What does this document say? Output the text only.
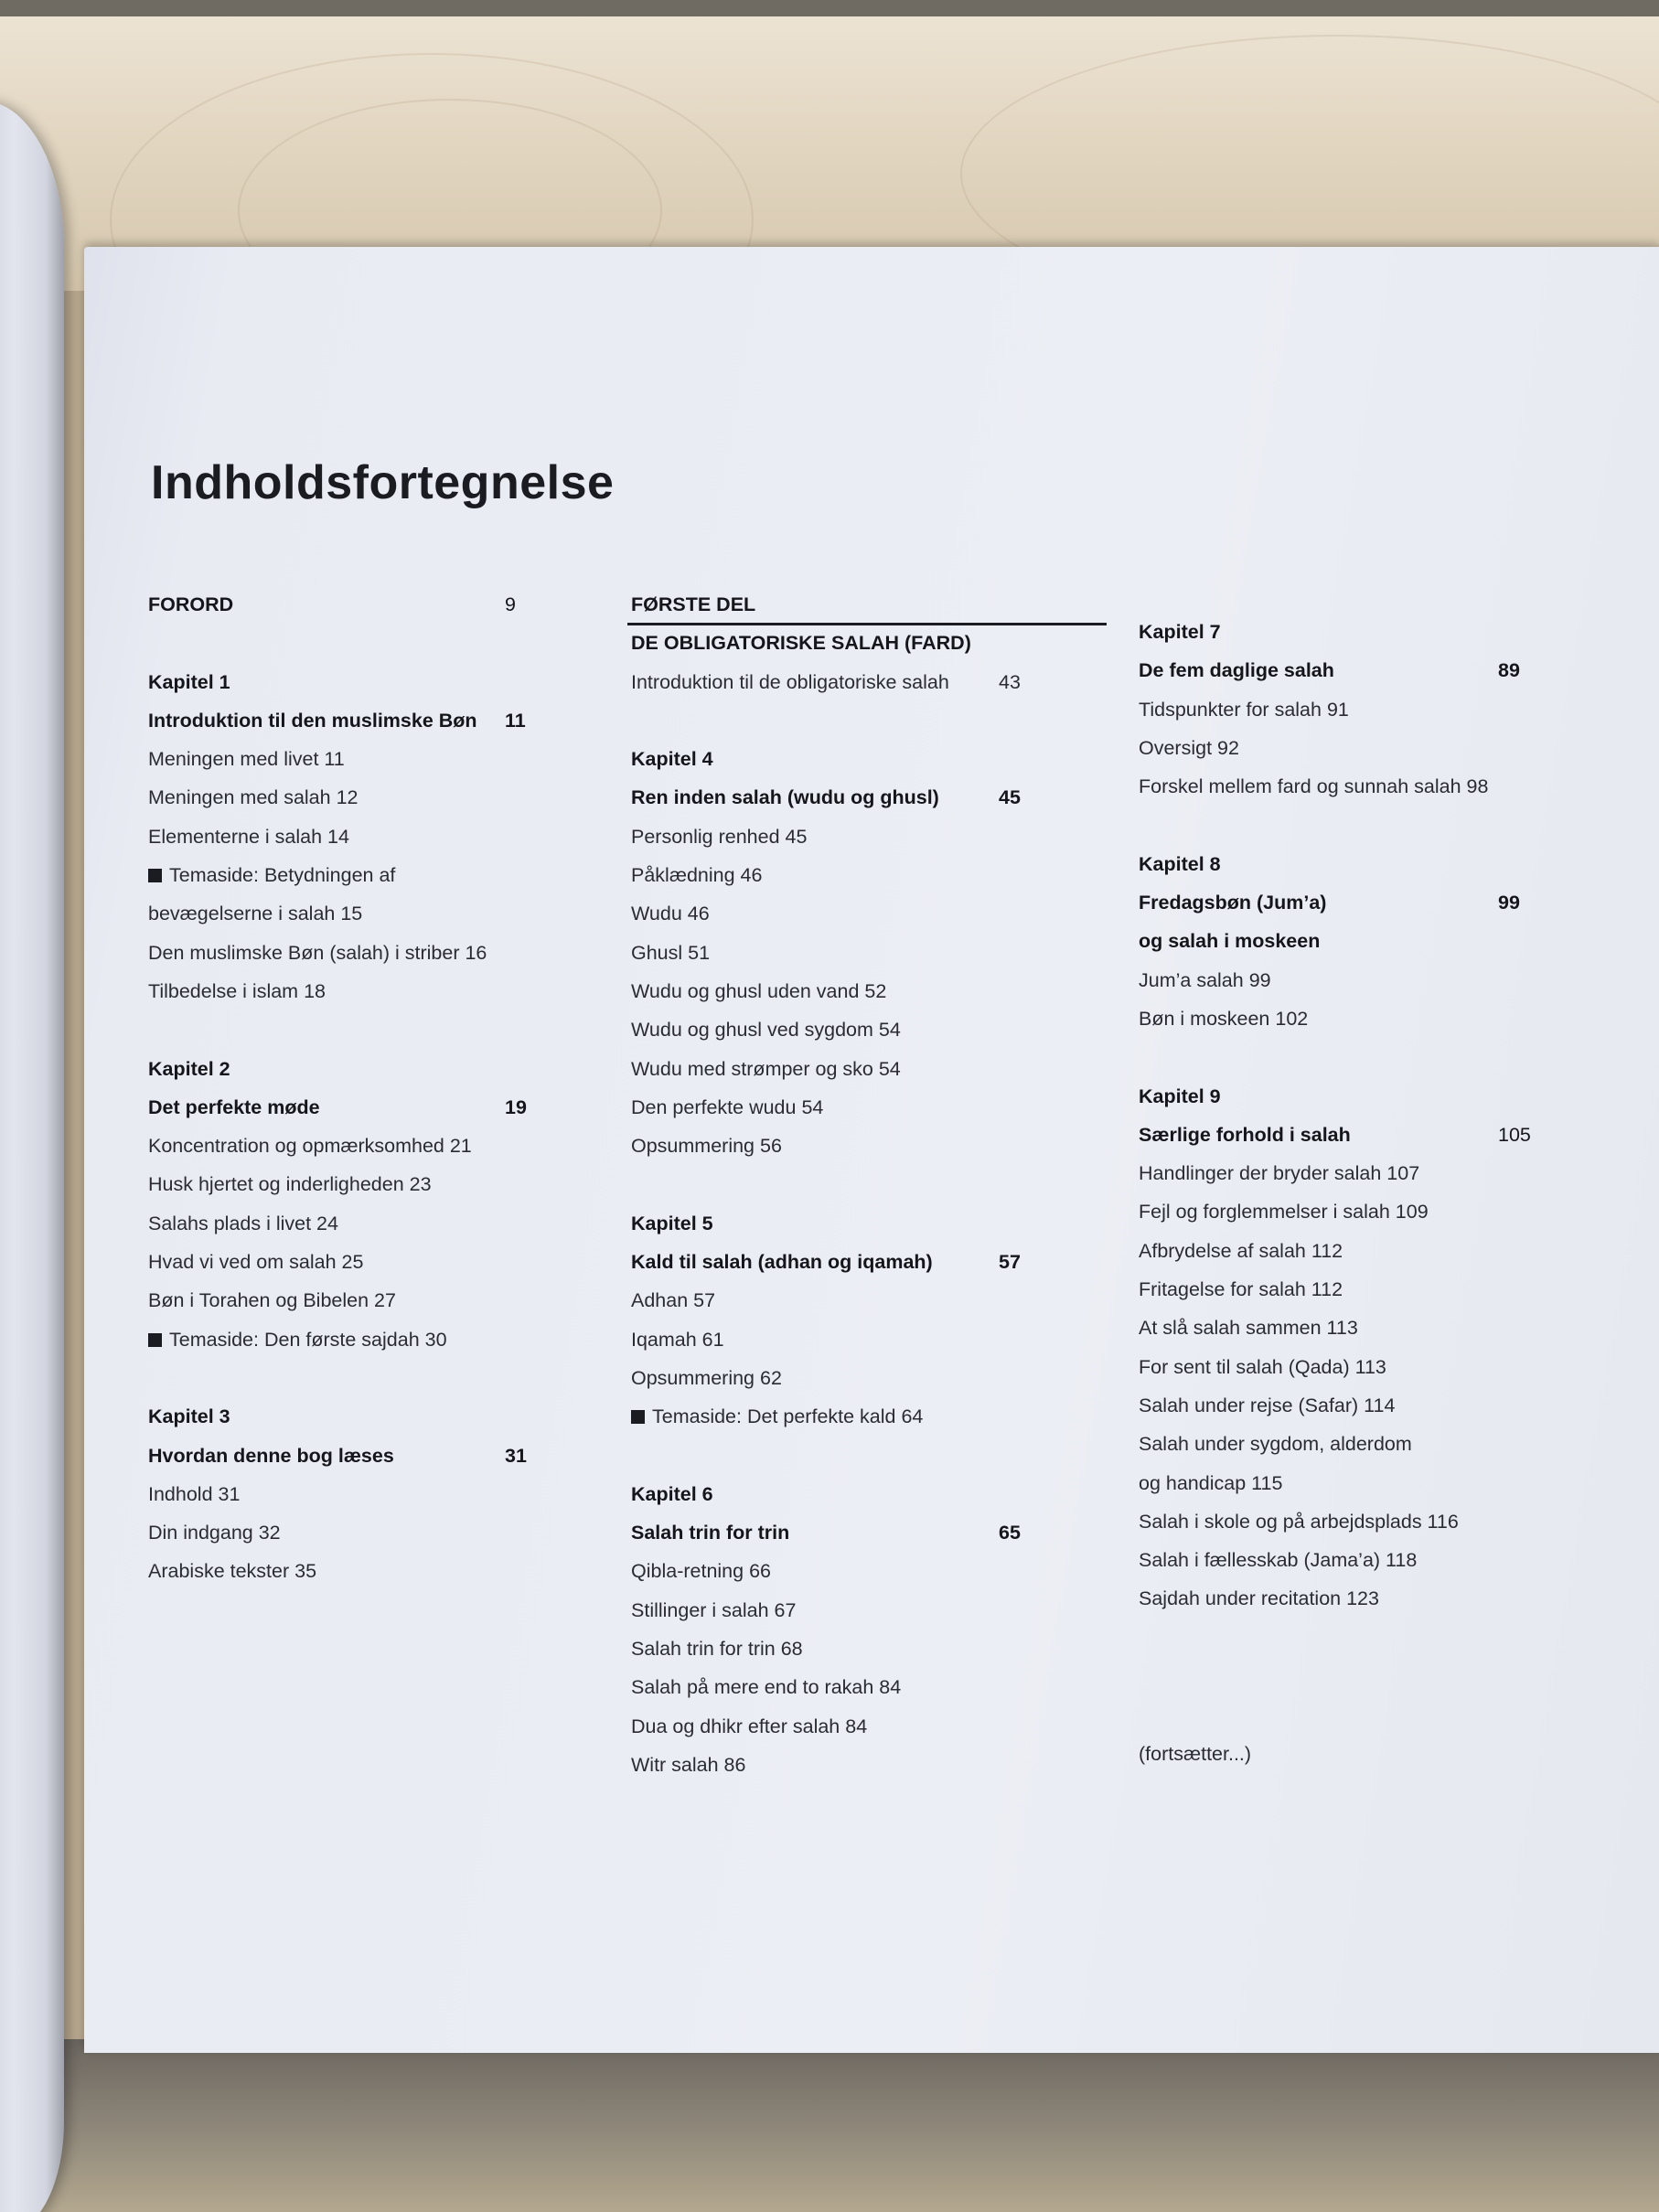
Indholdsfortegnelse
FORORD	9
Kapitel 1
Introduktion til den muslimske Bøn 11
Meningen med livet 11
Meningen med salah 12
Elementerne i salah 14
Temaside: Betydningen af
bevægelserne i salah 15
Den muslimske Bøn (salah) i striber 16
Tilbedelse i islam 18
Kapitel 2
Det perfekte møde	19
Koncentration og opmærksomhed 21
Husk hjertet og inderligheden 23
Salahs plads i livet 24
Hvad vi ved om salah 25
Bøn i Torahen og Bibelen 27
Temaside: Den første sajdah 30
Kapitel 3
Hvordan denne bog læses	31
Indhold 31
Din indgang 32
Arabiske tekster 35
FØRSTE DEL
DE OBLIGATORISKE SALAH (FARD)
Introduktion til de obligatoriske salah	43
Kapitel 4
Ren inden salah (wudu og ghusl)	45
Personlig renhed 45
Påklædning 46
Wudu 46
Ghusl 51
Wudu og ghusl uden vand 52
Wudu og ghusl ved sygdom 54
Wudu med strømper og sko 54
Den perfekte wudu 54
Opsummering 56
Kapitel 5
Kald til salah (adhan og iqamah)	57
Adhan 57
Iqamah 61
Opsummering 62
Temaside: Det perfekte kald 64
Kapitel 6
Salah trin for trin	65
Qibla-retning 66
Stillinger i salah 67
Salah trin for trin 68
Salah på mere end to rakah 84
Dua og dhikr efter salah 84
Witr salah 86
Kapitel 7
De fem daglige salah	89
Tidspunkter for salah 91
Oversigt 92
Forskel mellem fard og sunnah salah 98
Kapitel 8
Fredagsbøn (Jum’a)	99
og salah i moskeen
Jum’a salah 99
Bøn i moskeen 102
Kapitel 9
Særlige forhold i salah	105
Handlinger der bryder salah 107
Fejl og forglemmelser i salah 109
Afbrydelse af salah 112
Fritagelse for salah 112
At slå salah sammen 113
For sent til salah (Qada) 113
Salah under rejse (Safar) 114
Salah under sygdom, alderdom
og handicap 115
Salah i skole og på arbejdsplads 116
Salah i fællesskab (Jama’a) 118
Sajdah under recitation 123
(fortsætter...)
